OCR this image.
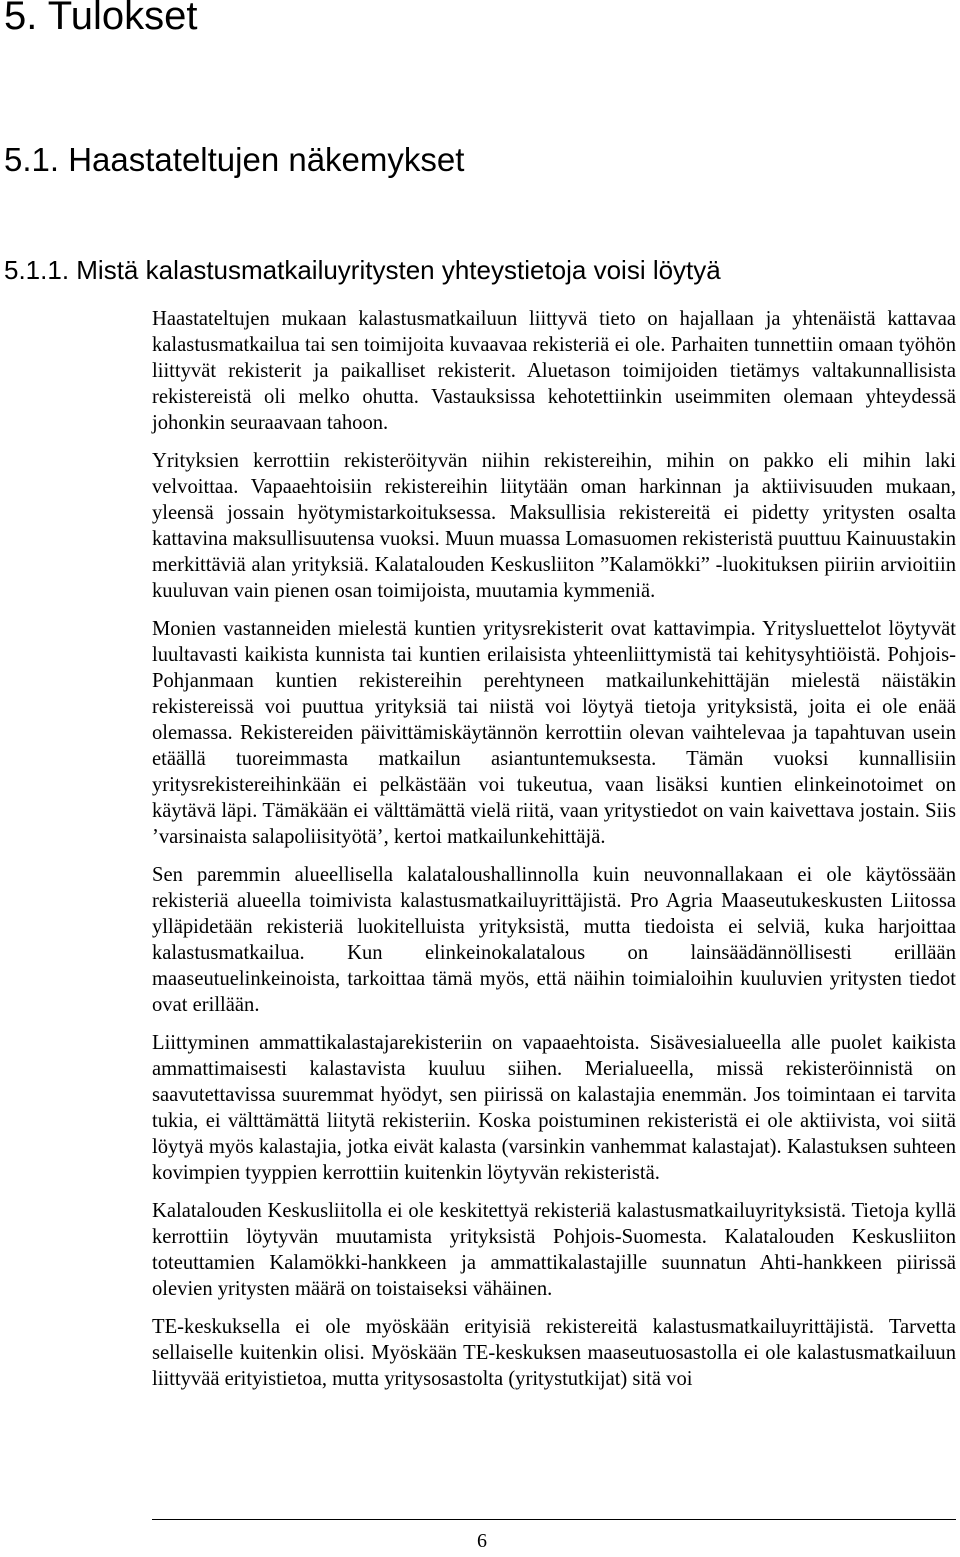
5. Tulokset
5.1. Haastateltujen näkemykset
5.1.1. Mistä kalastusmatkailuyritysten yhteystietoja voisi löytyä

Haastateltujen mukaan kalastusmatkailuun liittyvä tieto on hajallaan ja yhtenäistä kattavaa kalastusmatkailua tai sen toimijoita kuvaavaa rekisteriä ei ole. Parhaiten tunnettiin omaan työhön liittyvät rekisterit ja paikalliset rekisterit. Aluetason toimijoiden tietämys valtakunnallisista rekistereistä oli melko ohutta. Vastauksissa kehotettiinkin useimmiten olemaan yhteydessä johonkin seuraavaan tahoon.

Yrityksien kerrottiin rekisteröityvän niihin rekistereihin, mihin on pakko eli mihin laki velvoittaa. Vapaaehtoisiin rekistereihin liitytään oman harkinnan ja aktiivisuuden mukaan, yleensä jossain hyötymistarkoituksessa. Maksullisia rekistereitä ei pidetty yritysten osalta kattavina maksullisuutensa vuoksi. Muun muassa Lomasuomen rekisteristä puuttuu Kainuustakin merkittäviä alan yrityksiä. Kalatalouden Keskusliiton ”Kalamökki” -luokituksen piiriin arvioitiin kuuluvan vain pienen osan toimijoista, muutamia kymmeniä.

Monien vastanneiden mielestä kuntien yritysrekisterit ovat kattavimpia. Yritysluettelot löytyvät luultavasti kaikista kunnista tai kuntien erilaisista yhteenliittymistä tai kehitysyhtiöistä. Pohjois-Pohjanmaan kuntien rekistereihin perehtyneen matkailunkehittäjän mielestä näistäkin rekistereissä voi puuttua yrityksiä tai niistä voi löytyä tietoja yrityksistä, joita ei ole enää olemassa. Rekistereiden päivittämiskäytännön kerrottiin olevan vaihtelevaa ja tapahtuvan usein etäällä tuoreimmasta matkailun asiantuntemuksesta. Tämän vuoksi kunnallisiin yritysrekistereihinkään ei pelkästään voi tukeutua, vaan lisäksi kuntien elinkeinotoimet on käytävä läpi. Tämäkään ei välttämättä vielä riitä, vaan yritystiedot on vain kaivettava jostain. Siis ’varsinaista salapoliisityötä’, kertoi matkailunkehittäjä.

Sen paremmin alueellisella kalataloushallinnolla kuin neuvonnallakaan ei ole käytössään rekisteriä alueella toimivista kalastusmatkailuyrittäjistä. Pro Agria Maaseutukeskusten Liitossa ylläpidetään rekisteriä luokitelluista yrityksistä, mutta tiedoista ei selviä, kuka harjoittaa kalastusmatkailua. Kun elinkeinokalatalous on lainsäädännöllisesti erillään maaseutuelinkeinoista, tarkoittaa tämä myös, että näihin toimialoihin kuuluvien yritysten tiedot ovat erillään.

Liittyminen ammattikalastajarekisteriin on vapaaehtoista. Sisävesialueella alle puolet kaikista ammattimaisesti kalastavista kuuluu siihen. Merialueella, missä rekisteröinnistä on saavutettavissa suuremmat hyödyt, sen piirissä on kalastajia enemmän. Jos toimintaan ei tarvita tukia, ei välttämättä liitytä rekisteriin. Koska poistuminen rekisteristä ei ole aktiivista, voi siitä löytyä myös kalastajia, jotka eivät kalasta (varsinkin vanhemmat kalastajat). Kalastuksen suhteen kovimpien tyyppien kerrottiin kuitenkin löytyvän rekisteristä.

Kalatalouden Keskusliitolla ei ole keskitettyä rekisteriä kalastusmatkailuyrityksistä. Tietoja kyllä kerrottiin löytyvän muutamista yrityksistä Pohjois-Suomesta. Kalatalouden Keskusliiton toteuttamien Kalamökki-hankkeen ja ammattikalastajille suunnatun Ahti-hankkeen piirissä olevien yritysten määrä on toistaiseksi vähäinen.

TE-keskuksella ei ole myöskään erityisiä rekistereitä kalastusmatkailuyrittäjistä. Tarvetta sellaiselle kuitenkin olisi. Myöskään TE-keskuksen maaseutuosastolla ei ole kalastusmatkailuun liittyvää erityistietoa, mutta yritysosastolta (yritystutkijat) sitä voi

6
